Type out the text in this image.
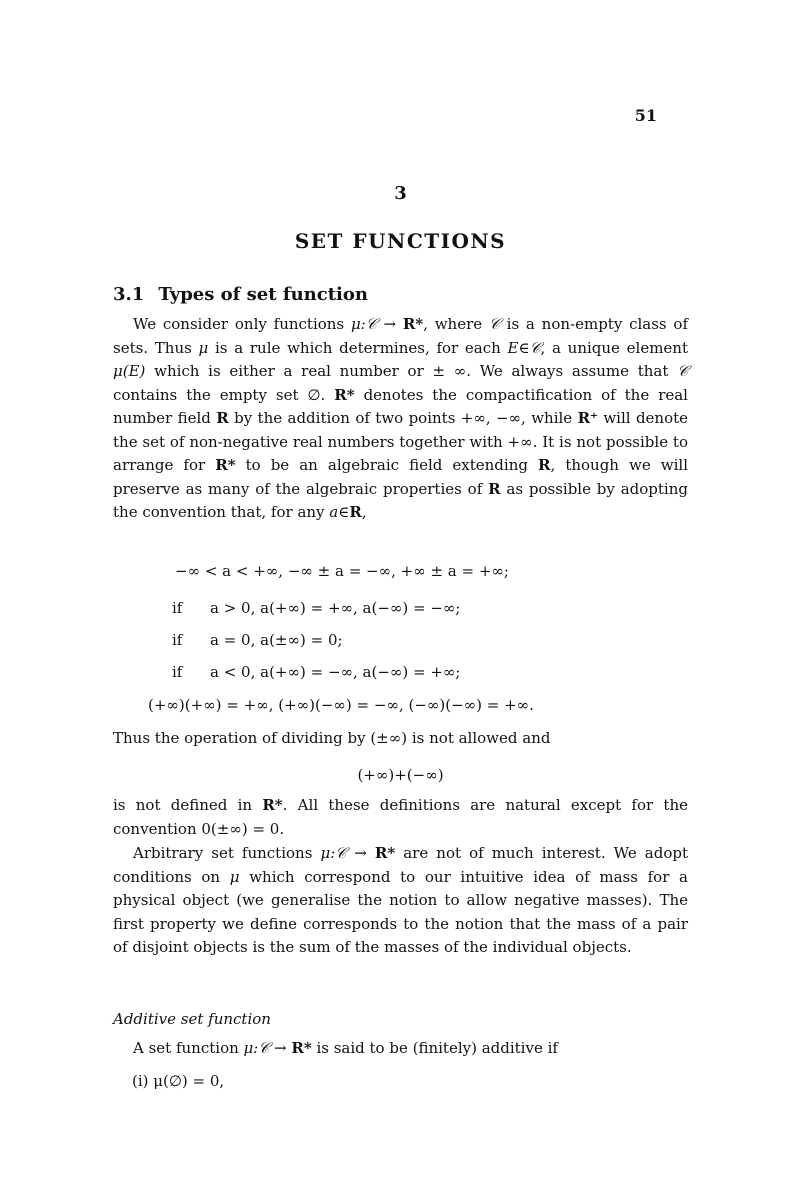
51
3
SET FUNCTIONS
3.1 Types of set function
We consider only functions μ:𝒞 → R*, where 𝒞 is a non-empty class of sets. Thus μ is a rule which determines, for each E∈𝒞, a unique element μ(E) which is either a real number or ± ∞. We always assume that 𝒞 contains the empty set ∅. R* denotes the compactification of the real number field R by the addition of two points +∞, −∞, while R⁺ will denote the set of non-negative real numbers together with +∞. It is not possible to arrange for R* to be an algebraic field extending R, though we will preserve as many of the algebraic properties of R as possible by adopting the convention that, for any a∈R,
−∞ < a < +∞, −∞ ± a = −∞, +∞ ± a = +∞;
if a > 0, a(+∞) = +∞, a(−∞) = −∞;
if a = 0, a(±∞) = 0;
if a < 0, a(+∞) = −∞, a(−∞) = +∞;
(+∞)(+∞) = +∞, (+∞)(−∞) = −∞, (−∞)(−∞) = +∞.
Thus the operation of dividing by (±∞) is not allowed and
(+∞)+(−∞)
is not defined in R*. All these definitions are natural except for the convention 0(±∞) = 0.
Arbitrary set functions μ:𝒞 → R* are not of much interest. We adopt conditions on μ which correspond to our intuitive idea of mass for a physical object (we generalise the notion to allow negative masses). The first property we define corresponds to the notion that the mass of a pair of disjoint objects is the sum of the masses of the individual objects.
Additive set function
A set function μ:𝒞 → R* is said to be (finitely) additive if
(i) μ(∅) = 0,
